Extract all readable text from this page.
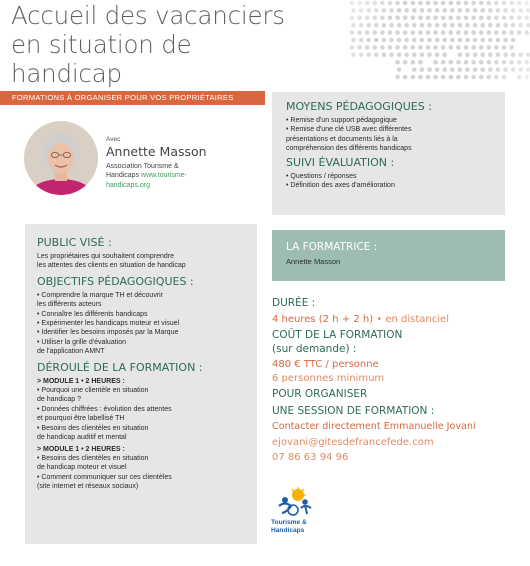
Accueil des vacanciers
en situation de
handicap
FORMATIONS À ORGANISER POUR VOS PROPRIÉTAIRES
Avec
Annette Masson
Association Tourisme &
Handicaps www.tourisme-
handicaps.org
MOYENS PÉDAGOGIQUES :
• Remise d'un support pédagogique
• Remise d'une clé USB avec différentes
présentations et documents liés à la
compréhension des différents handicaps
SUIVI ÉVALUATION :
• Questions / réponses
• Définition des axes d'amélioration
PUBLIC VISÉ :
Les propriétaires qui souhaitent comprendre
les attentes des clients en situation de handicap
OBJECTIFS PÉDAGOGIQUES :
• Comprendre la marque TH et découvrir
les différents acteurs
• Connaître les différents handicaps
• Expérimenter les handicaps moteur et visuel
• Identifier les besoins imposés par la Marque
• Utiliser la grille d'évaluation
de l'application AMNT
DÉROULÉ DE LA FORMATION :
> MODULE 1 • 2 HEURES :
• Pourquoi une clientèle en situation
de handicap ?
• Données chiffrées : évolution des attentes
et pourquoi être labellisé TH
• Besoins des clientèles en situation
de handicap auditif et mental
> MODULE 1 • 2 HEURES :
• Besoins des clientèles en situation
de handicap moteur et visuel
• Comment communiquer sur ces clientèles
(site internet et réseaux sociaux)
LA FORMATRICE :
Annette Masson
DURÉE :
4 heures (2 h + 2 h) • en distanciel
COÛT DE LA FORMATION
(sur demande) :
480 € TTC / personne
6 personnes minimum
POUR ORGANISER
UNE SESSION DE FORMATION :
Contacter directement Emmanuelle Jovani
ejovani@gitesdefrancefede.com
07 86 63 94 96
Tourisme &
Handicaps
